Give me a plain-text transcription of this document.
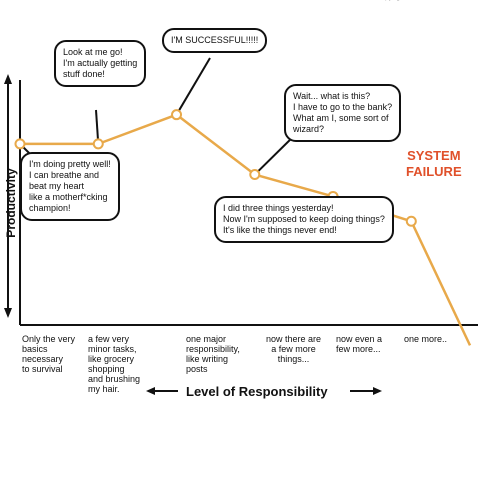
Productivity
Level of Responsibility
SYSTEM
FAILURE
I'm doing pretty well!
I can breathe and
beat my heart
like a motherf*cking
champion!
Look at me go!
I'm actually getting
stuff done!
I'M SUCCESSFUL!!!!!
Wait... what is this?
I have to go to the bank?
What am I, some sort of
wizard?
I did three things yesterday!
Now I'm supposed to keep doing things?
It's like the things never end!
Only the very
basics
necessary
to survival
a few very
minor tasks,
like grocery
shopping
and brushing
my hair.
one major
responsibility,
like writing
posts
now there are
a few more
things...
now even a
few more...
one more..
